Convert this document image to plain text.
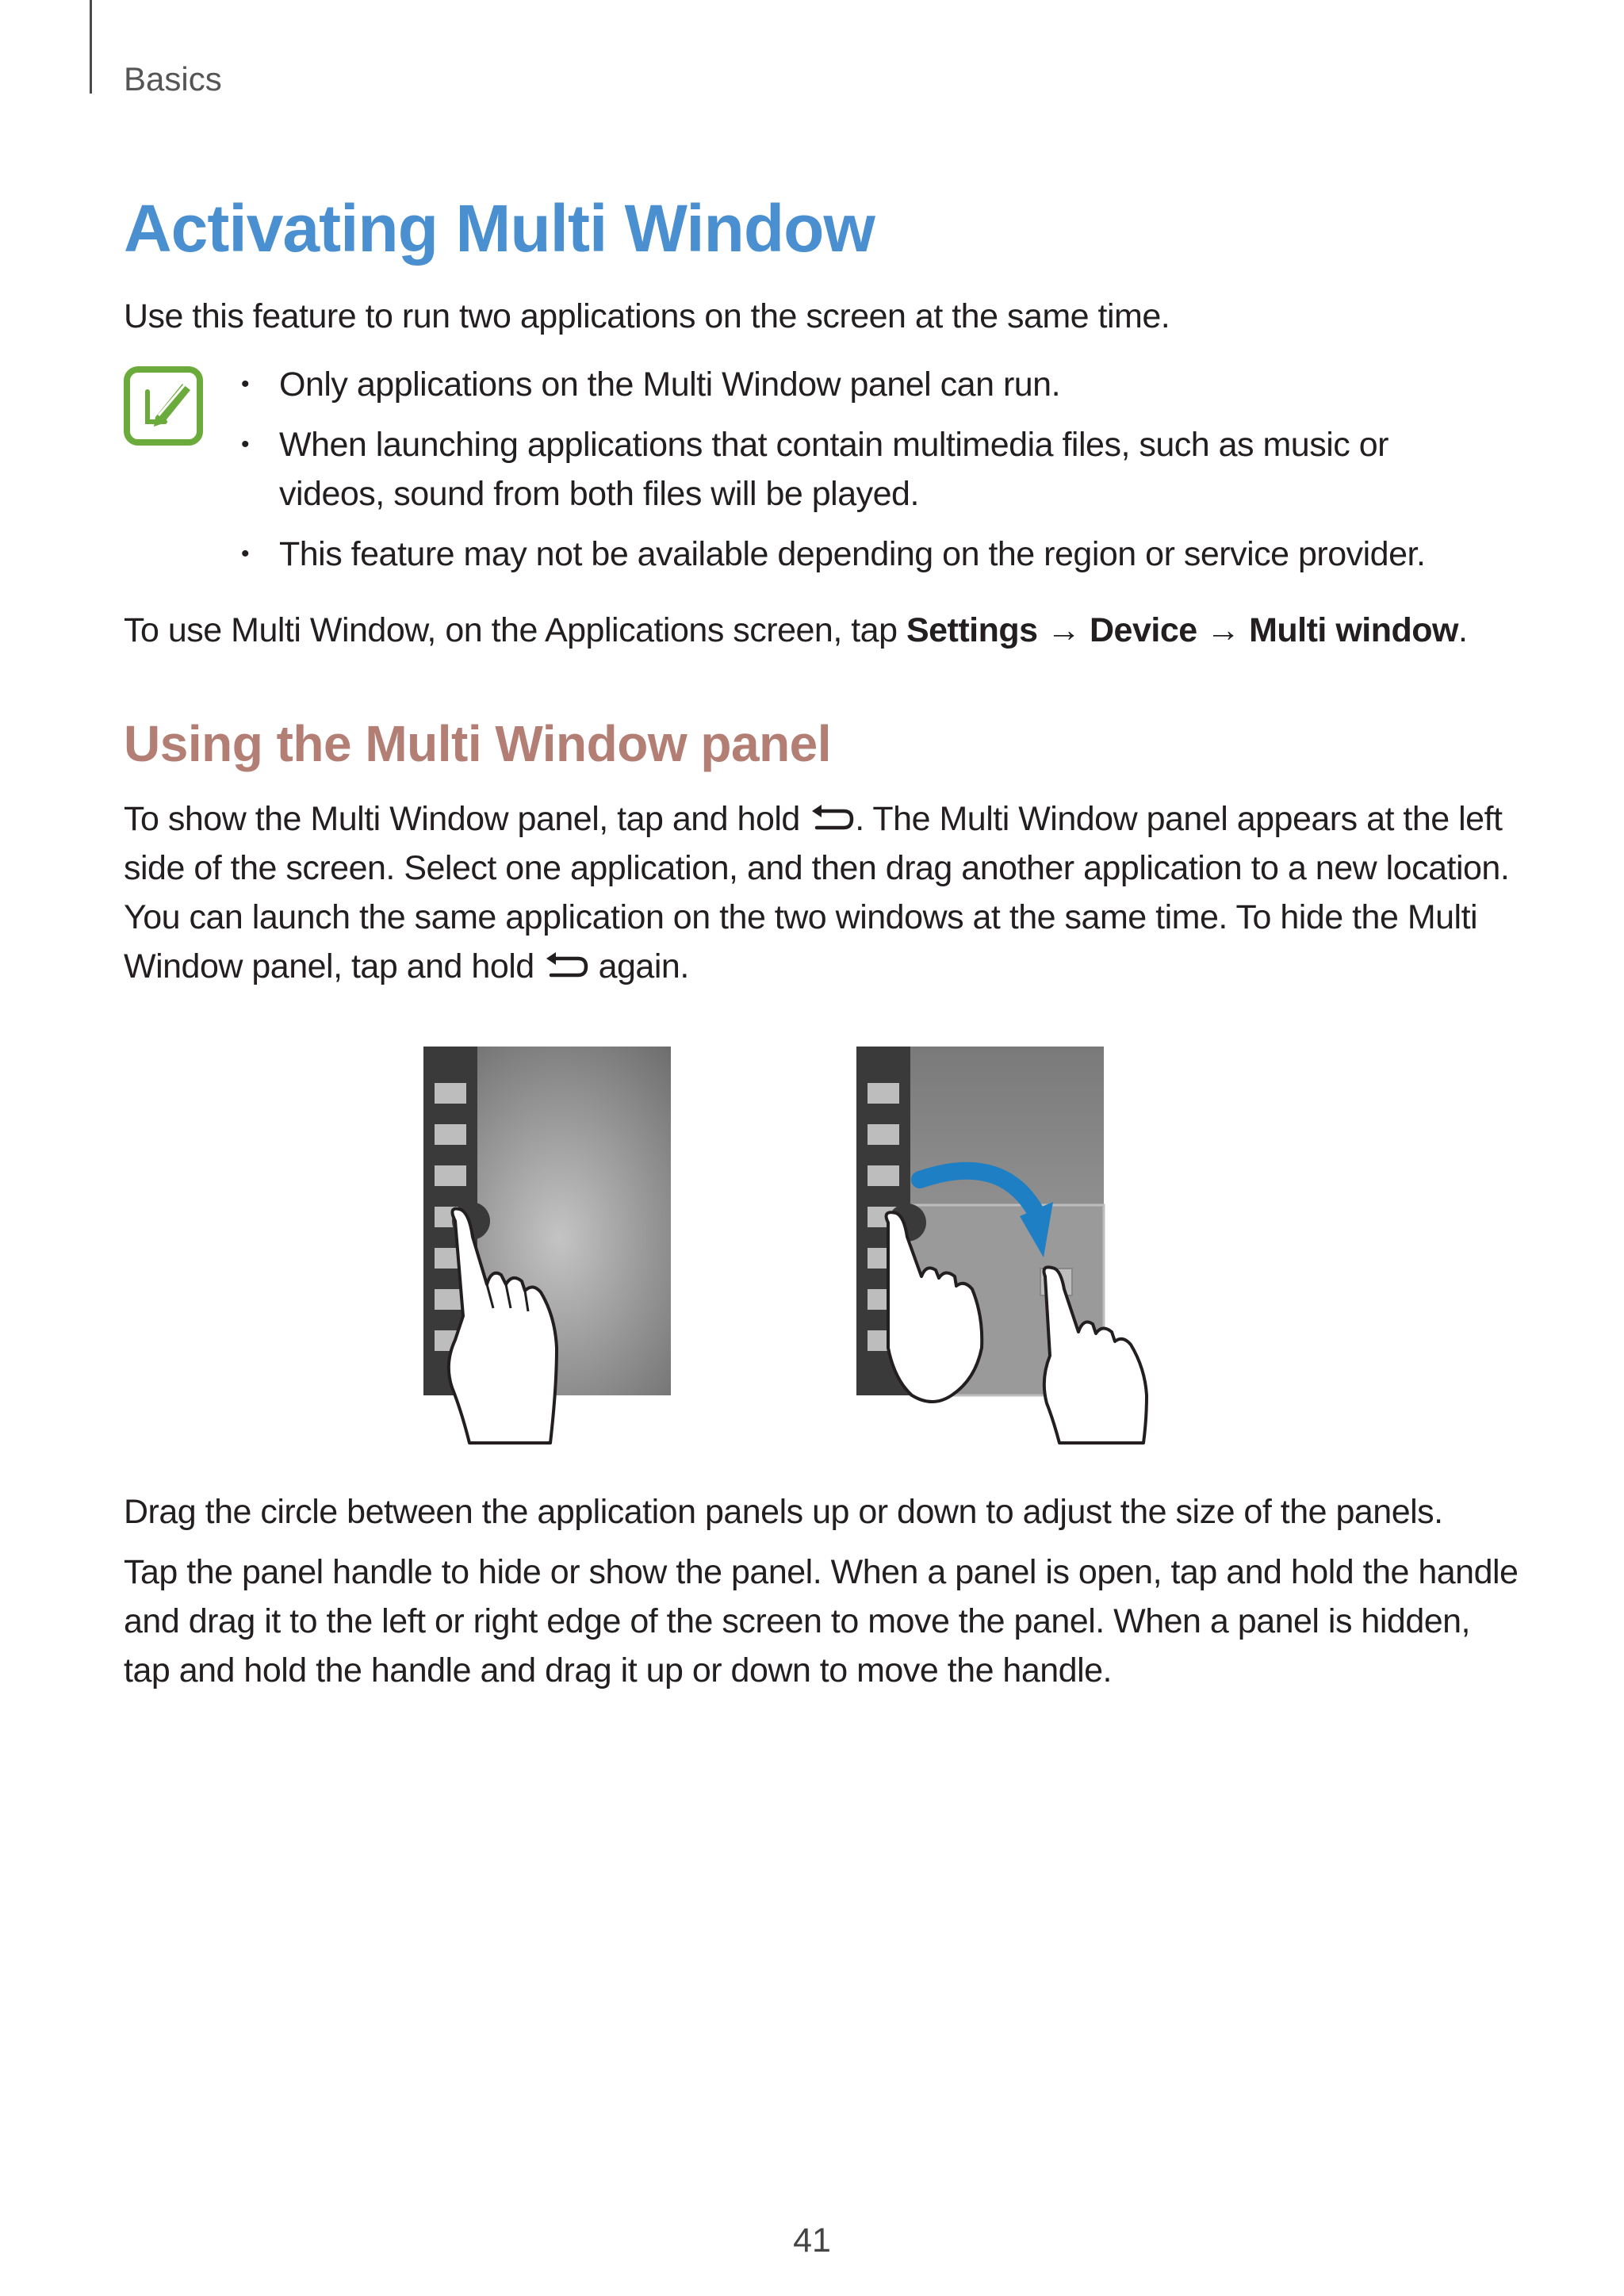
Basics
Activating Multi Window

Use this feature to run two applications on the screen at the same time.

• Only applications on the Multi Window panel can run.
• When launching applications that contain multimedia files, such as music or videos, sound from both files will be played.
• This feature may not be available depending on the region or service provider.

To use Multi Window, on the Applications screen, tap Settings → Device → Multi window.

Using the Multi Window panel

To show the Multi Window panel, tap and hold . The Multi Window panel appears at the left side of the screen. Select one application, and then drag another application to a new location. You can launch the same application on the two windows at the same time. To hide the Multi Window panel, tap and hold  again.

Drag the circle between the application panels up or down to adjust the size of the panels.

Tap the panel handle to hide or show the panel. When a panel is open, tap and hold the handle and drag it to the left or right edge of the screen to move the panel. When a panel is hidden, tap and hold the handle and drag it up or down to move the handle.

41
